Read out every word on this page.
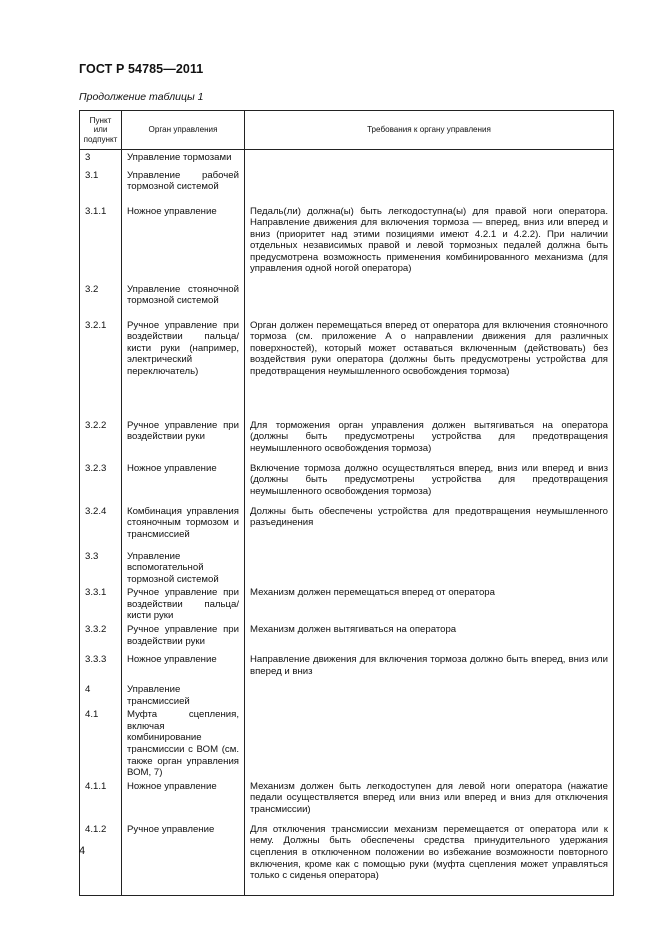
ГОСТ Р 54785—2011
Продолжение таблицы 1
Пункт или подпункт	Орган управления	Требования к органу управления
3	Управление тормозами	
3.1	Управление рабочей тормозной системой	
3.1.1	Ножное управление	Педаль(ли) должна(ы) быть легкодоступна(ы) для правой ноги оператора. Направление движения для включения тормоза — вперед, вниз или вперед и вниз (приоритет над этими позициями имеют 4.2.1 и 4.2.2). При наличии отдельных независимых правой и левой тормозных педалей должна быть предусмотрена возможность применения комбинированного механизма (для управления одной ногой оператора)
3.2	Управление стояночной тормозной системой	
3.2.1	Ручное управление при воздействии пальца/кисти руки (например, электрический переключатель)	Орган должен перемещаться вперед от оператора для включения стояночного тормоза (см. приложение А о направлении движения для различных поверхностей), который может оставаться включенным (действовать) без воздействия руки оператора (должны быть предусмотрены устройства для предотвращения неумышленного освобождения тормоза)
3.2.2	Ручное управление при воздействии руки	Для торможения орган управления должен вытягиваться на оператора (должны быть предусмотрены устройства для предотвращения неумышленного освобождения тормоза)
3.2.3	Ножное управление	Включение тормоза должно осуществляться вперед, вниз или вперед и вниз (должны быть предусмотрены устройства для предотвращения неумышленного освобождения тормоза)
3.2.4	Комбинация управления стояночным тормозом и трансмиссией	Должны быть обеспечены устройства для предотвращения неумышленного разъединения
3.3	Управление вспомогательной тормозной системой	
3.3.1	Ручное управление при воздействии пальца/кисти руки	Механизм должен перемещаться вперед от оператора
3.3.2	Ручное управление при воздействии руки	Механизм должен вытягиваться на оператора
3.3.3	Ножное управление	Направление движения для включения тормоза должно быть вперед, вниз или вперед и вниз
4	Управление трансмиссией	
4.1	Муфта сцепления, включая комбинирование трансмиссии с ВОМ (см. также орган управления ВОМ, 7)	
4.1.1	Ножное управление	Механизм должен быть легкодоступен для левой ноги оператора (нажатие педали осуществляется вперед или вниз или вперед и вниз для отключения трансмиссии)
4.1.2	Ручное управление	Для отключения трансмиссии механизм перемещается от оператора или к нему. Должны быть обеспечены средства принудительного удержания сцепления в отключенном положении во избежание возможности повторного включения, кроме как с помощью руки (муфта сцепления может управляться только с сиденья оператора)
4
